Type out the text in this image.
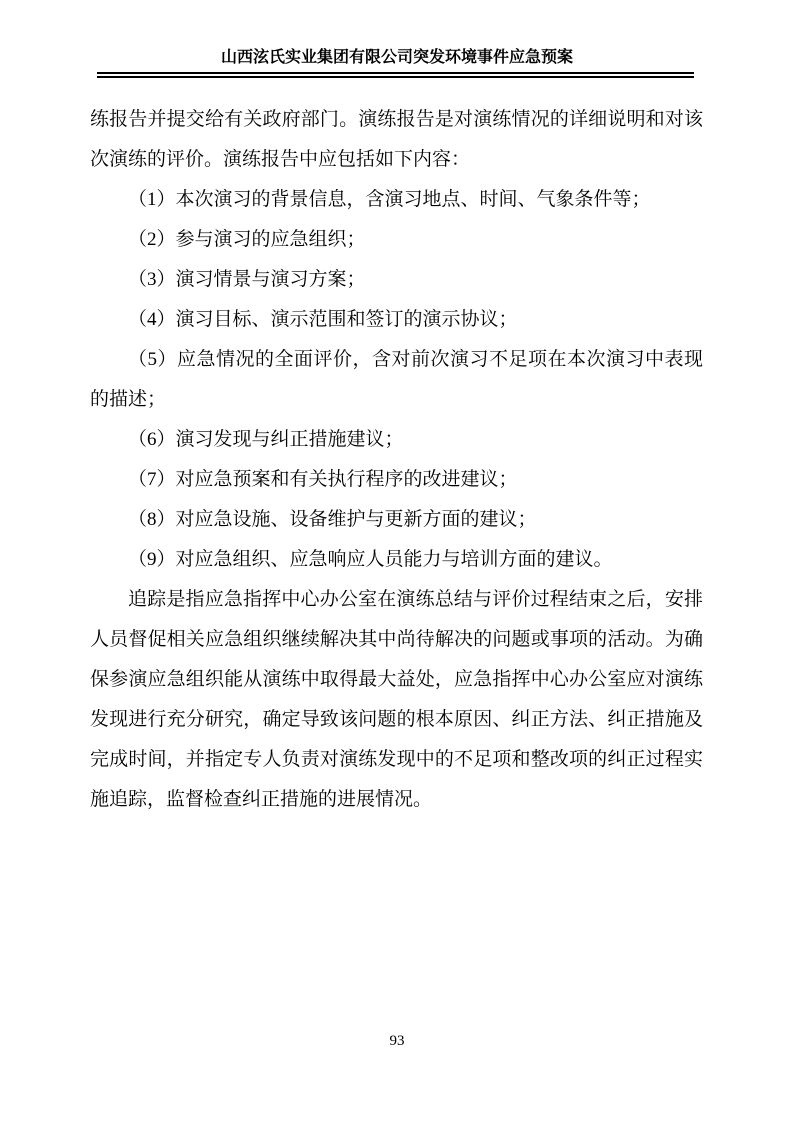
山西泫氏实业集团有限公司突发环境事件应急预案

练报告并提交给有关政府部门。演练报告是对演练情况的详细说明和对该次演练的评价。演练报告中应包括如下内容：

（1）本次演习的背景信息，含演习地点、时间、气象条件等；

（2）参与演习的应急组织；

（3）演习情景与演习方案；

（4）演习目标、演示范围和签订的演示协议；

（5）应急情况的全面评价，含对前次演习不足项在本次演习中表现的描述；

（6）演习发现与纠正措施建议；

（7）对应急预案和有关执行程序的改进建议；

（8）对应急设施、设备维护与更新方面的建议；

（9）对应急组织、应急响应人员能力与培训方面的建议。

追踪是指应急指挥中心办公室在演练总结与评价过程结束之后，安排人员督促相关应急组织继续解决其中尚待解决的问题或事项的活动。为确保参演应急组织能从演练中取得最大益处，应急指挥中心办公室应对演练发现进行充分研究，确定导致该问题的根本原因、纠正方法、纠正措施及完成时间，并指定专人负责对演练发现中的不足项和整改项的纠正过程实施追踪，监督检查纠正措施的进展情况。

93
